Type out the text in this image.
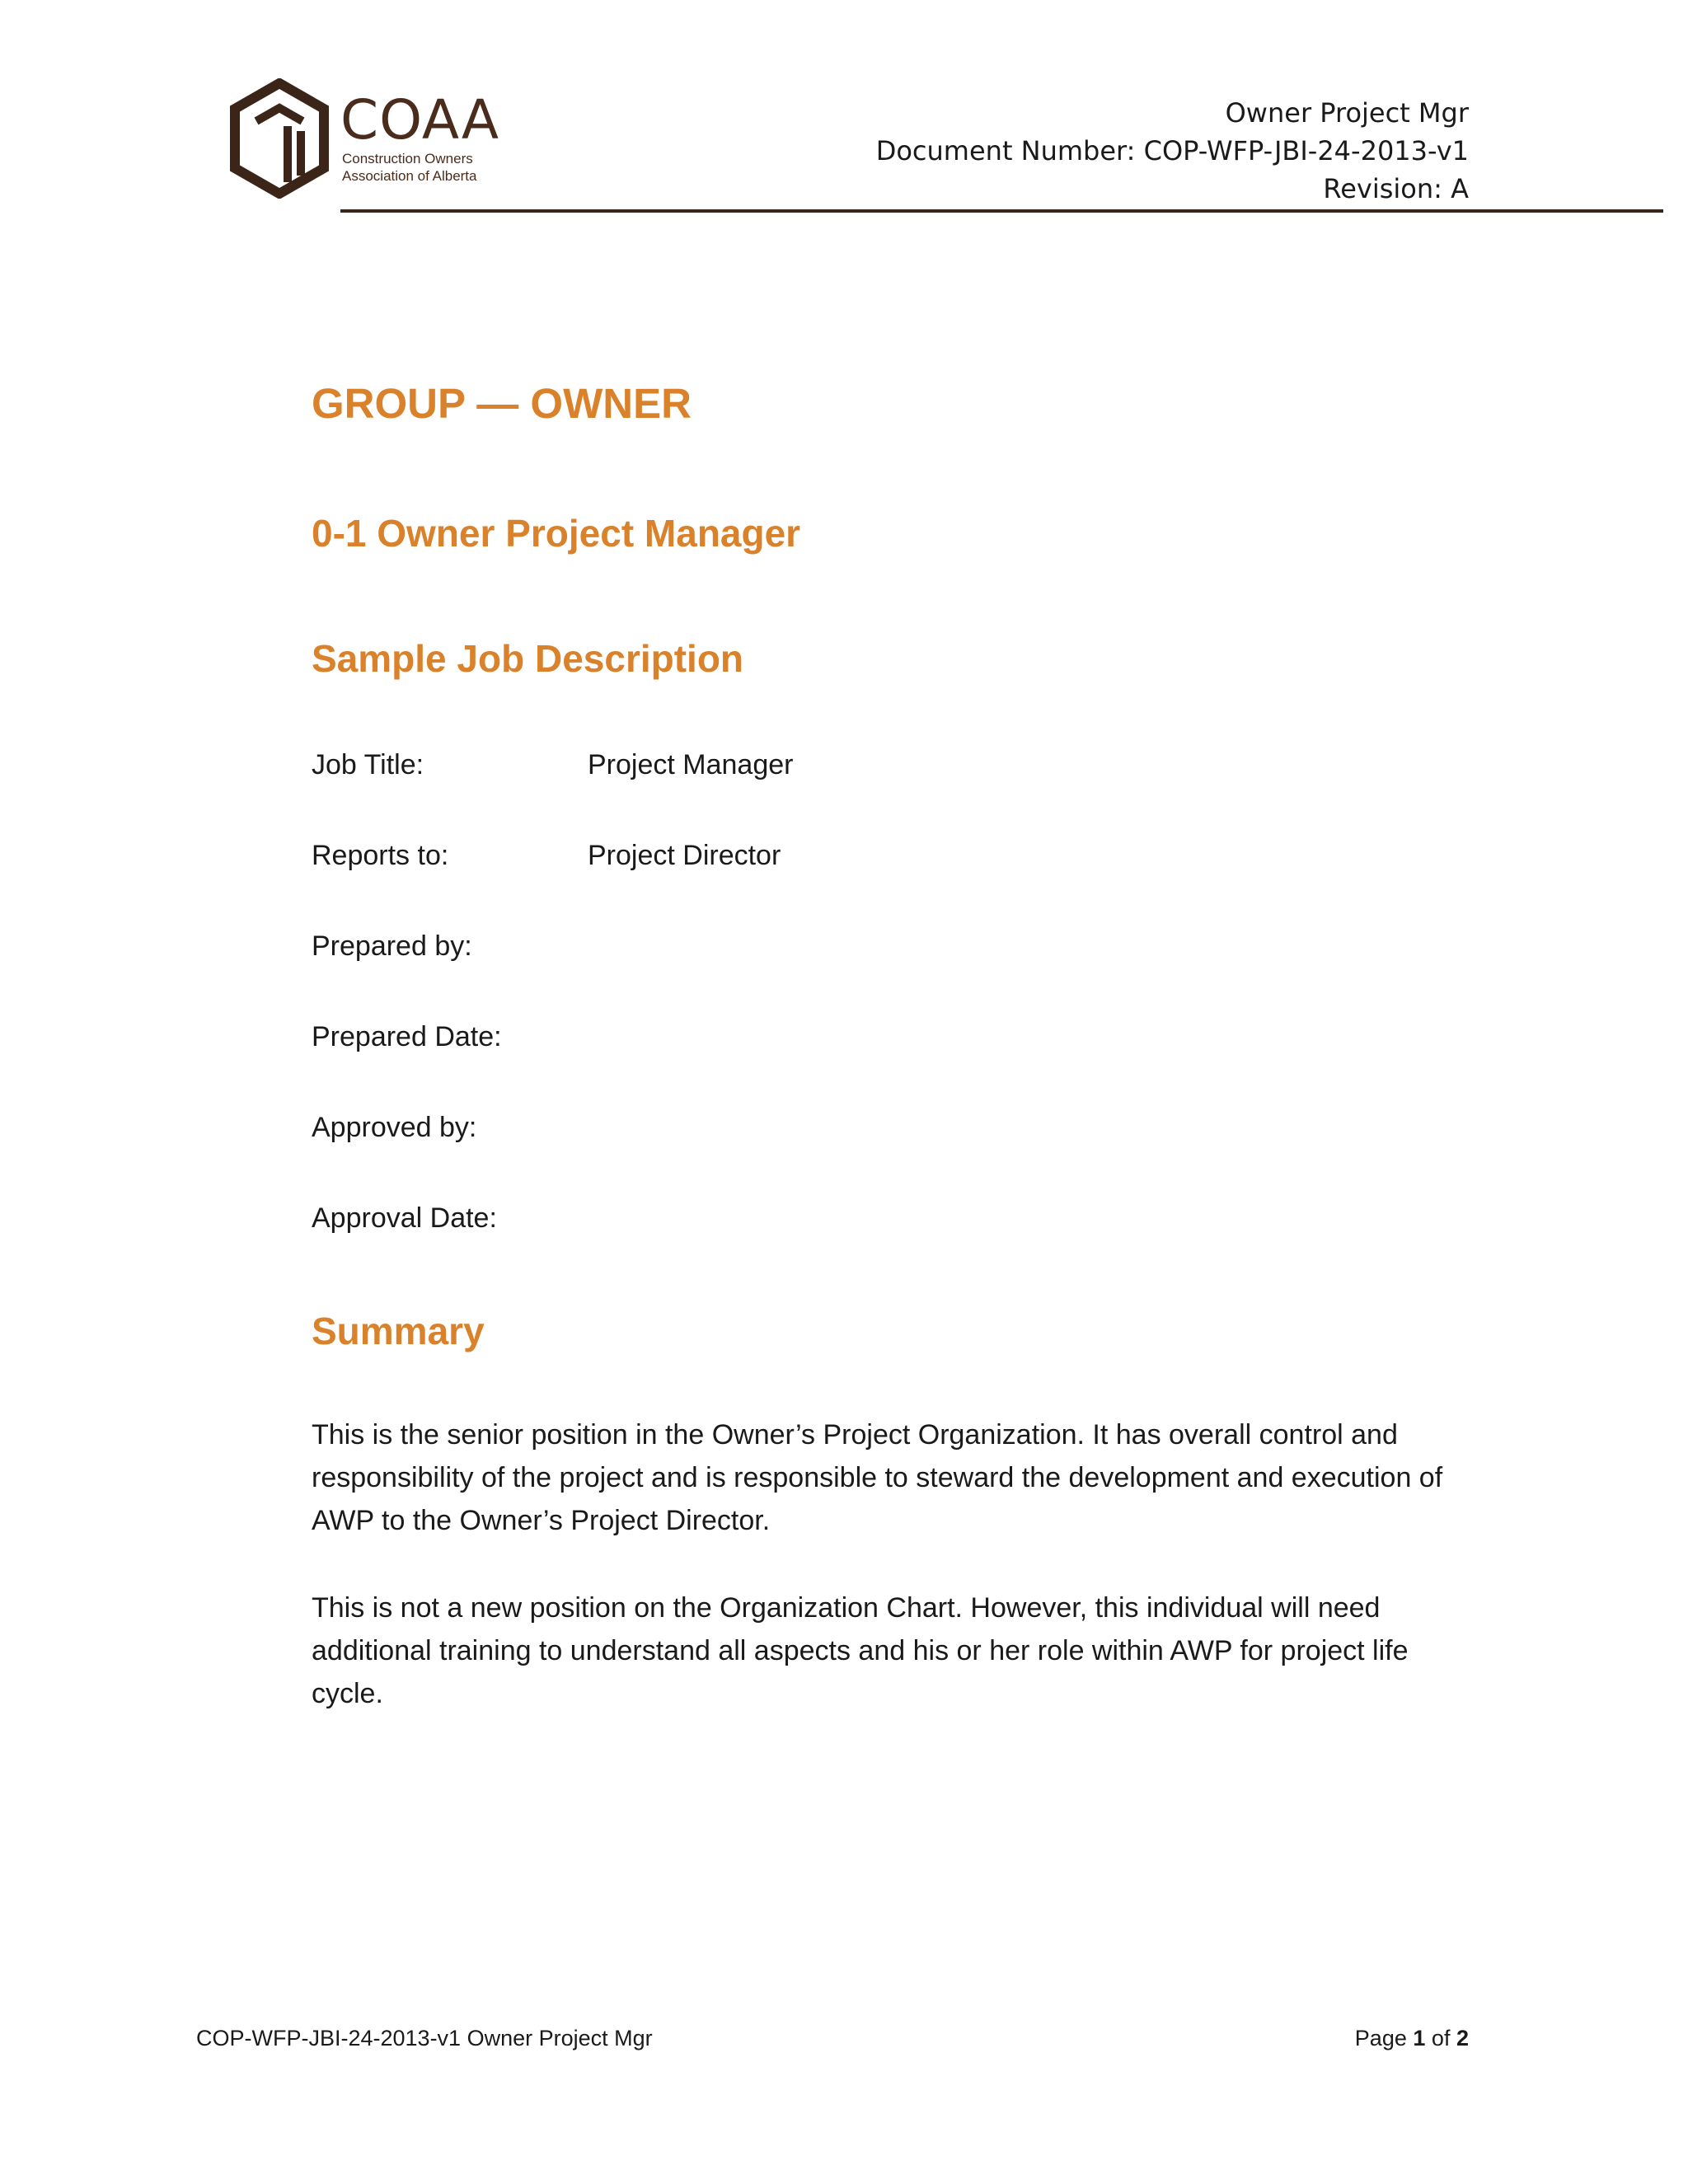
COAA
Construction Owners
Association of Alberta
Owner Project Mgr
Document Number: COP-WFP-JBI-24-2013-v1
Revision: A
GROUP — OWNER
0-1 Owner Project Manager
Sample Job Description
Job Title:	Project Manager
Reports to:	Project Director
Prepared by:
Prepared Date:
Approved by:
Approval Date:
Summary
This is the senior position in the Owner’s Project Organization. It has overall control and responsibility of the project and is responsible to steward the development and execution of AWP to the Owner’s Project Director.
This is not a new position on the Organization Chart. However, this individual will need additional training to understand all aspects and his or her role within AWP for project life cycle.
COP-WFP-JBI-24-2013-v1 Owner Project Mgr	Page 1 of 2
